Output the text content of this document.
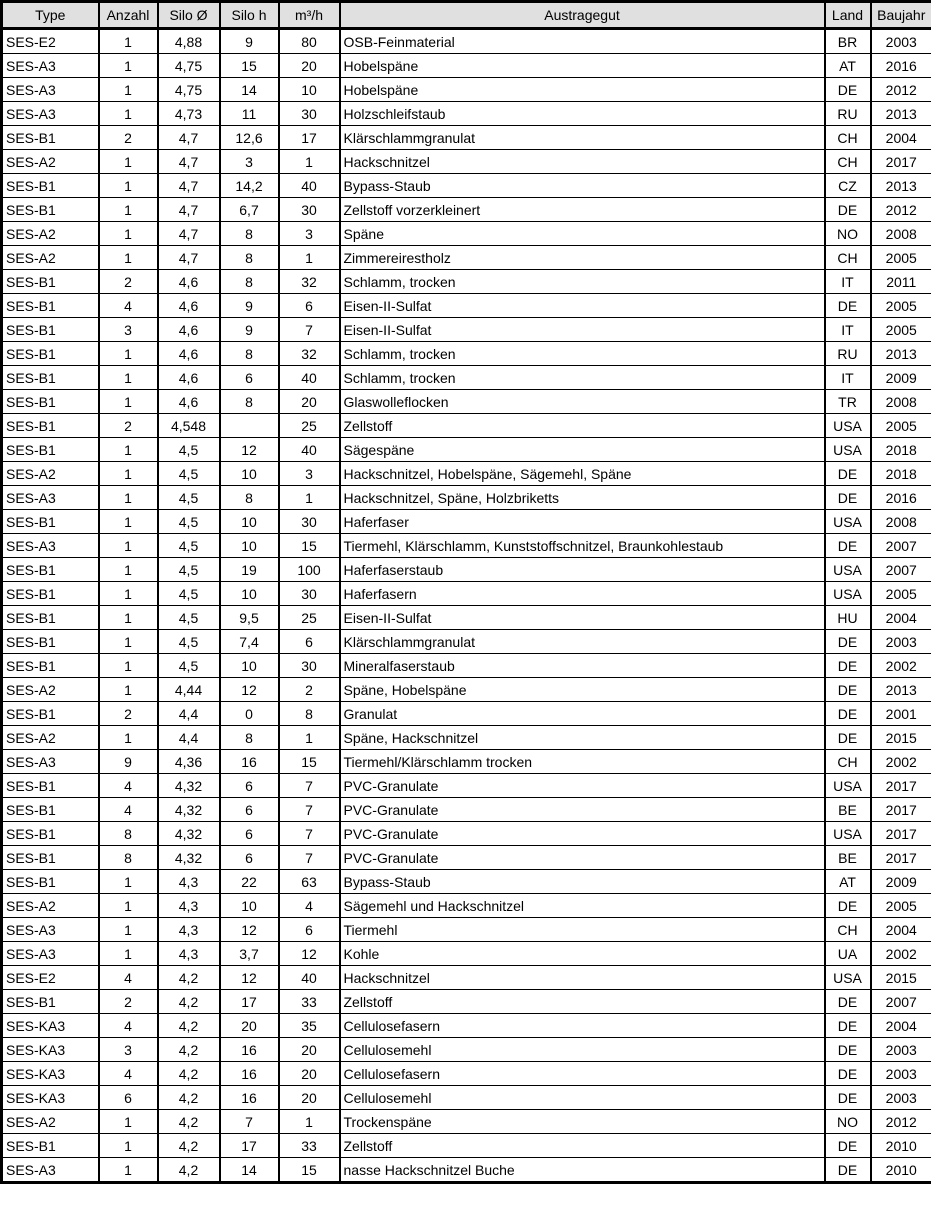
Type	Anzahl	Silo Ø	Silo h	m³/h	Austragegut	Land	Baujahr
SES-E2	1	4,88	9	80	OSB-Feinmaterial	BR	2003
SES-A3	1	4,75	15	20	Hobelspäne	AT	2016
SES-A3	1	4,75	14	10	Hobelspäne	DE	2012
SES-A3	1	4,73	11	30	Holzschleifstaub	RU	2013
SES-B1	2	4,7	12,6	17	Klärschlammgranulat	CH	2004
SES-A2	1	4,7	3	1	Hackschnitzel	CH	2017
SES-B1	1	4,7	14,2	40	Bypass-Staub	CZ	2013
SES-B1	1	4,7	6,7	30	Zellstoff vorzerkleinert	DE	2012
SES-A2	1	4,7	8	3	Späne	NO	2008
SES-A2	1	4,7	8	1	Zimmereirestholz	CH	2005
SES-B1	2	4,6	8	32	Schlamm, trocken	IT	2011
SES-B1	4	4,6	9	6	Eisen-II-Sulfat	DE	2005
SES-B1	3	4,6	9	7	Eisen-II-Sulfat	IT	2005
SES-B1	1	4,6	8	32	Schlamm, trocken	RU	2013
SES-B1	1	4,6	6	40	Schlamm, trocken	IT	2009
SES-B1	1	4,6	8	20	Glaswolleflocken	TR	2008
SES-B1	2	4,548		25	Zellstoff	USA	2005
SES-B1	1	4,5	12	40	Sägespäne	USA	2018
SES-A2	1	4,5	10	3	Hackschnitzel, Hobelspäne, Sägemehl, Späne	DE	2018
SES-A3	1	4,5	8	1	Hackschnitzel, Späne, Holzbriketts	DE	2016
SES-B1	1	4,5	10	30	Haferfaser	USA	2008
SES-A3	1	4,5	10	15	Tiermehl, Klärschlamm, Kunststoffschnitzel, Braunkohlestaub	DE	2007
SES-B1	1	4,5	19	100	Haferfaserstaub	USA	2007
SES-B1	1	4,5	10	30	Haferfasern	USA	2005
SES-B1	1	4,5	9,5	25	Eisen-II-Sulfat	HU	2004
SES-B1	1	4,5	7,4	6	Klärschlammgranulat	DE	2003
SES-B1	1	4,5	10	30	Mineralfaserstaub	DE	2002
SES-A2	1	4,44	12	2	Späne, Hobelspäne	DE	2013
SES-B1	2	4,4	0	8	Granulat	DE	2001
SES-A2	1	4,4	8	1	Späne, Hackschnitzel	DE	2015
SES-A3	9	4,36	16	15	Tiermehl/Klärschlamm trocken	CH	2002
SES-B1	4	4,32	6	7	PVC-Granulate	USA	2017
SES-B1	4	4,32	6	7	PVC-Granulate	BE	2017
SES-B1	8	4,32	6	7	PVC-Granulate	USA	2017
SES-B1	8	4,32	6	7	PVC-Granulate	BE	2017
SES-B1	1	4,3	22	63	Bypass-Staub	AT	2009
SES-A2	1	4,3	10	4	Sägemehl und Hackschnitzel	DE	2005
SES-A3	1	4,3	12	6	Tiermehl	CH	2004
SES-A3	1	4,3	3,7	12	Kohle	UA	2002
SES-E2	4	4,2	12	40	Hackschnitzel	USA	2015
SES-B1	2	4,2	17	33	Zellstoff	DE	2007
SES-KA3	4	4,2	20	35	Cellulosefasern	DE	2004
SES-KA3	3	4,2	16	20	Cellulosemehl	DE	2003
SES-KA3	4	4,2	16	20	Cellulosefasern	DE	2003
SES-KA3	6	4,2	16	20	Cellulosemehl	DE	2003
SES-A2	1	4,2	7	1	Trockenspäne	NO	2012
SES-B1	1	4,2	17	33	Zellstoff	DE	2010
SES-A3	1	4,2	14	15	nasse Hackschnitzel Buche	DE	2010
